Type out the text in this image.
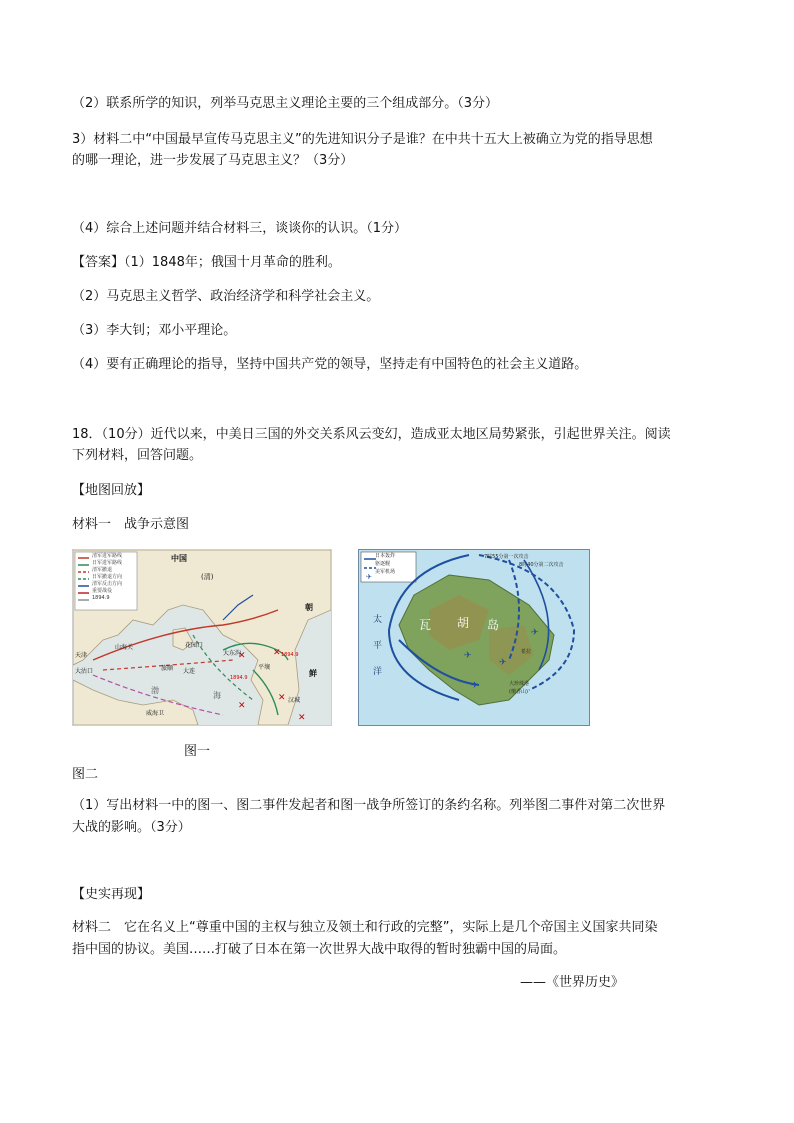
（2）联系所学的知识，列举马克思主义理论主要的三个组成部分。（3分）
3）材料二中“中国最早宣传马克思主义”的先进知识分子是谁？在中共十五大上被确立为党的指导思想
的哪一理论，进一步发展了马克思主义？（3分）
（4）综合上述问题并结合材料三，谈谈你的认识。（1分）
【答案】（1）1848年；俄国十月革命的胜利。
（2）马克思主义哲学、政治经济学和科学社会主义。
（3）李大钊；邓小平理论。
（4）要有正确理论的指导，坚持中国共产党的领导，坚持走有中国特色的社会主义道路。
18．（10分）近代以来，中美日三国的外交关系风云变幻，造成亚太地区局势紧张，引起世界关注。阅读
下列材料，回答问题。
【地图回放】
材料一　战争示意图
✕
✕
✕
✕
✕
清军进军路线
日军进军路线
清军撤退
日军撤退方向
清军反击方向
重要战役
1894.9
中国
(清)
朝
鲜
山海关
天津
大沽口
花园口
旅顺 大连
大东沟
平壤
汉城
威海卫
渤
海
1894.9
1894.9
✈
✈
✈
✈
✈
日本轰炸
驱逐舰
美军机场
7时55分第一次攻击
8时40分第二次攻击
太
平
洋
瓦 胡 岛
大珍珠港
(檀香山)
希拉
图一
图二
（1）写出材料一中的图一、图二事件发起者和图一战争所签订的条约名称。列举图二事件对第二次世界
大战的影响。（3分）
【史实再现】
材料二　它在名义上“尊重中国的主权与独立及领土和行政的完整”，实际上是几个帝国主义国家共同染
指中国的协议。美国……打破了日本在第一次世界大战中取得的暂时独霸中国的局面。
——《世界历史》
